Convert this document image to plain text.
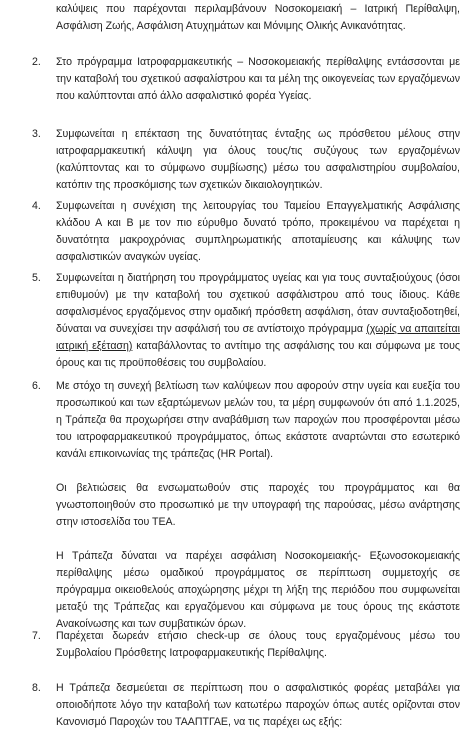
καλύψεις που παρέχονται περιλαμβάνουν Νοσοκομειακή – Ιατρική Περίθαλψη, Ασφάλιση Ζωής, Ασφάλιση Ατυχημάτων και Μόνιμης Ολικής Ανικανότητας.

2.	Στο πρόγραμμα Ιατροφαρμακευτικής – Νοσοκομειακής περίθαλψης εντάσσονται με την καταβολή του σχετικού ασφαλίστρου και τα μέλη της οικογενείας των εργαζόμενων που καλύπτονται από άλλο ασφαλιστικό φορέα Υγείας.

3.	Συμφωνείται η επέκταση της δυνατότητας ένταξης ως πρόσθετου μέλους στην ιατροφαρμακευτική κάλυψη για όλους τους/τις συζύγους των εργαζομένων (καλύπτοντας και το σύμφωνο συμβίωσης) μέσω του ασφαλιστηρίου συμβολαίου, κατόπιν της προσκόμισης των σχετικών δικαιολογητικών.

4.	Συμφωνείται η συνέχιση της λειτουργίας του Ταμείου Επαγγελματικής Ασφάλισης κλάδου Α και Β με τον πιο εύρυθμο δυνατό τρόπο, προκειμένου να παρέχεται η δυνατότητα μακροχρόνιας συμπληρωματικής αποταμίευσης και κάλυψης των ασφαλιστικών αναγκών υγείας.

5.	Συμφωνείται η διατήρηση του προγράμματος υγείας και για τους συνταξιούχους (όσοι επιθυμούν) με την καταβολή του σχετικού ασφάλιστρου από τους ίδιους. Κάθε ασφαλισμένος εργαζόμενος στην ομαδική πρόσθετη ασφάλιση, όταν συνταξιοδοτηθεί, δύναται να συνεχίσει την ασφάλισή του σε αντίστοιχο πρόγραμμα (χωρίς να απαιτείται ιατρική εξέταση) καταβάλλοντας το αντίτιμο της ασφάλισης του και σύμφωνα με τους όρους και τις προϋποθέσεις του συμβολαίου.

6.	Με στόχο τη συνεχή βελτίωση των καλύψεων που αφορούν στην υγεία και ευεξία του προσωπικού και των εξαρτώμενων μελών του, τα μέρη συμφωνούν ότι από 1.1.2025, η Τράπεζα θα προχωρήσει στην αναβάθμιση των παροχών που προσφέρονται μέσω του ιατροφαρμακευτικού προγράμματος, όπως εκάστοτε αναρτώνται στο εσωτερικό κανάλι επικοινωνίας της τράπεζας (HR Portal).

Οι βελτιώσεις θα ενσωματωθούν στις παροχές του προγράμματος και θα γνωστοποιηθούν στο προσωπικό με την υπογραφή της παρούσας, μέσω ανάρτησης στην ιστοσελίδα του ΤΕΑ.

Η Τράπεζα δύναται να παρέχει ασφάλιση Νοσοκομειακής- Εξωνοσοκομειακής περίθαλψης μέσω ομαδικού προγράμματος σε περίπτωση συμμετοχής σε πρόγραμμα οικειοθελούς αποχώρησης μέχρι τη λήξη της περιόδου που συμφωνείται μεταξύ της Τράπεζας και εργαζόμενου και σύμφωνα με τους όρους της εκάστοτε Ανακοίνωσης και των συμβατικών όρων.

7.	Παρέχεται δωρεάν ετήσιο check-up σε όλους τους εργαζομένους μέσω του Συμβολαίου Πρόσθετης Ιατροφαρμακευτικής Περίθαλψης.

8.	Η Τράπεζα δεσμεύεται σε περίπτωση που ο ασφαλιστικός φορέας μεταβάλει για οποιοδήποτε λόγο την καταβολή των κατωτέρω παροχών όπως αυτές ορίζονται στον Κανονισμό Παροχών του ΤΑΑΠΤΓΑΕ, να τις παρέχει ως εξής:
